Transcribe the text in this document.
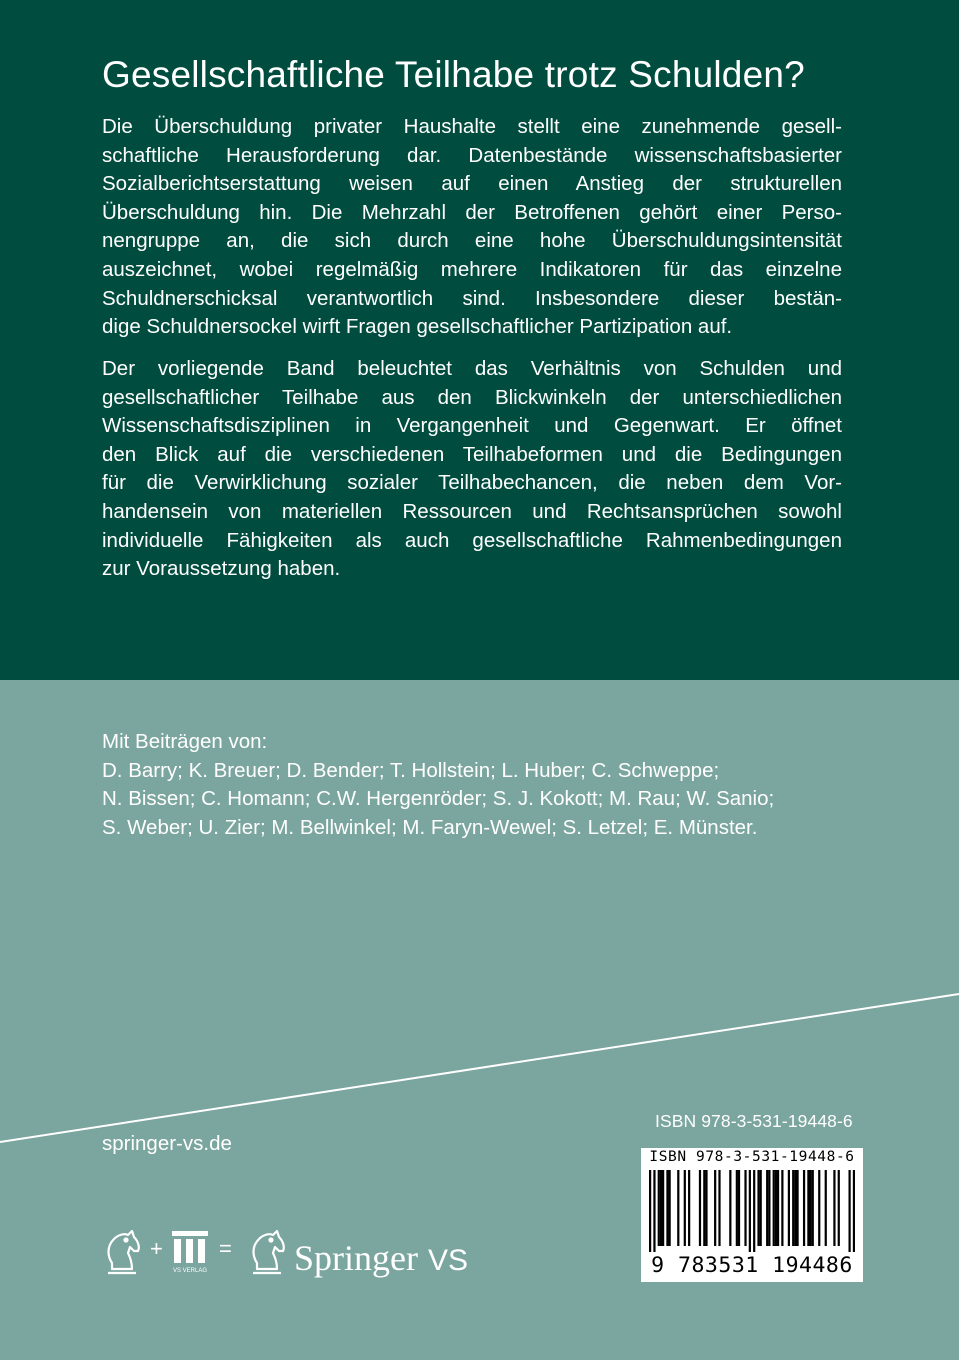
Gesellschaftliche Teilhabe trotz Schulden?
Die Überschuldung privater Haushalte stellt eine zunehmende gesell-
schaftliche Herausforderung dar. Datenbestände wissenschaftsbasierter
Sozialberichtserstattung weisen auf einen Anstieg der strukturellen
Überschuldung hin. Die Mehrzahl der Betroffenen gehört einer Perso-
nengruppe an, die sich durch eine hohe Überschuldungsintensität
auszeichnet, wobei regelmäßig mehrere Indikatoren für das einzelne
Schuldnerschicksal verantwortlich sind. Insbesondere dieser bestän-
dige Schuldnersockel wirft Fragen gesellschaftlicher Partizipation auf.
Der vorliegende Band beleuchtet das Verhältnis von Schulden und
gesellschaftlicher Teilhabe aus den Blickwinkeln der unterschiedlichen
Wissenschaftsdisziplinen in Vergangenheit und Gegenwart. Er öffnet
den Blick auf die verschiedenen Teilhabeformen und die Bedingungen
für die Verwirklichung sozialer Teilhabechancen, die neben dem Vor-
handensein von materiellen Ressourcen und Rechtsansprüchen sowohl
individuelle Fähigkeiten als auch gesellschaftliche Rahmenbedingungen
zur Voraussetzung haben.
Mit Beiträgen von:
D. Barry; K. Breuer; D. Bender; T. Hollstein; L. Huber; C. Schweppe;
N. Bissen; C. Homann; C.W. Hergenröder; S. J. Kokott; M. Rau; W. Sanio;
S. Weber; U. Zier; M. Bellwinkel; M. Faryn-Wewel; S. Letzel; E. Münster.
springer-vs.de
ISBN 978-3-531-19448-6
ISBN 978-3-531-19448-6
9 783531 194486
VS VERLAG
+	= Springer VS
